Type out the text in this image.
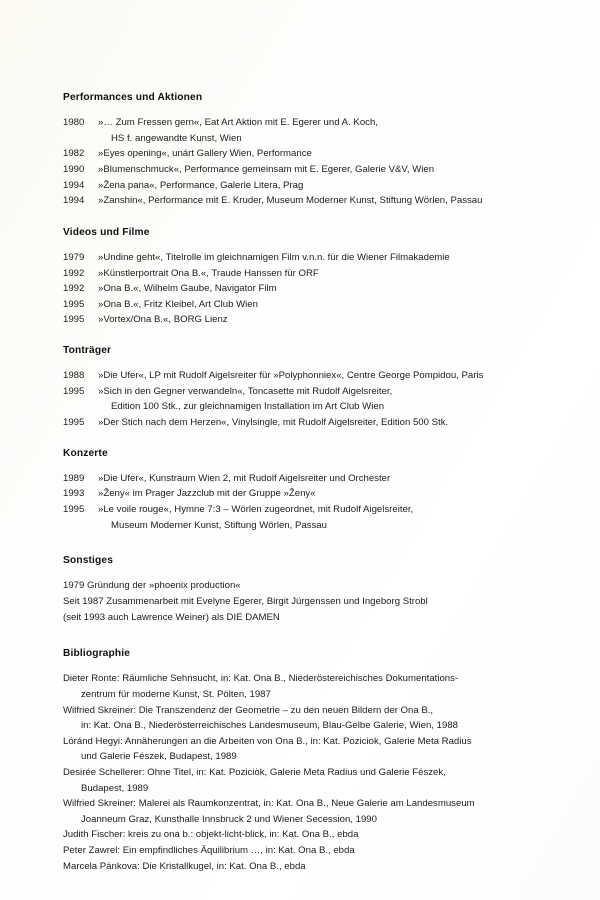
Performances und Aktionen
1980	»… Zum Fressen gern«, Eat Art Aktion mit E. Egerer und A. Koch,
HS f. angewandte Kunst, Wien
1982	»Eyes opening«, unárt Gallery Wien, Performance
1990	»Blumenschmuck«, Performance gemeinsam mit E. Egerer, Galerie V&V, Wien
1994	»Žena pana«, Performance, Galerie Litera, Prag
1994	»Zanshin«, Performance mit E. Kruder, Museum Moderner Kunst, Stiftung Wörlen, Passau
Videos und Filme
1979	»Undine geht«, Titelrolle im gleichnamigen Film v.n.n. für die Wiener Filmakademie
1992	»Künstlerportrait Ona B.«, Traude Hanssen für ORF
1992	»Ona B.«, Wilhelm Gaube, Navigator Film
1995	»Ona B.«, Fritz Kleibel, Art Club Wien
1995	»Vortex/Ona B.«, BORG Lienz
Tonträger
1988	»Die Ufer«, LP mit Rudolf Aigelsreiter für »Polyphonniex«, Centre George Pompidou, Paris
1995	»Sich in den Gegner verwandeln«, Toncasette mit Rudolf Aigelsreiter,
Edition 100 Stk., zur gleichnamigen Installation im Art Club Wien
1995	»Der Stich nach dem Herzen«, Vinylsingle, mit Rudolf Aigelsreiter, Edition 500 Stk.
Konzerte
1989	»Die Ufer«, Kunstraum Wien 2, mit Rudolf Aigelsreiter und Orchester
1993	»Ženy« im Prager Jazzclub mit der Gruppe »Ženy«
1995	»Le voile rouge«, Hymne 7:3 – Wörlen zugeordnet, mit Rudolf Aigelsreiter,
Museum Moderner Kunst, Stiftung Wörlen, Passau
Sonstiges
1979 Gründung der »phoenix production«
Seit 1987 Zusammenarbeit mit Evelyne Egerer, Birgit Jürgenssen und Ingeborg Strobl
(seit 1993 auch Lawrence Weiner) als DIE DAMEN
Bibliographie
Dieter Ronte: Räumliche Sehnsucht, in: Kat. Ona B., Niederöstereichisches Dokumentations-
zentrum für moderne Kunst, St. Pölten, 1987
Wilfried Skreiner: Die Transzendenz der Geometrie – zu den neuen Bildern der Ona B.,
in: Kat. Ona B., Niederösterreichisches Landesmuseum, Blau-Gelbe Galerie, Wien, 1988
Lóránd Hegyi: Annäherungen an die Arbeiten von Ona B., in: Kat. Poziciok, Galerie Meta Radius
und Galerie Fészek, Budapest, 1989
Desirée Schellerer: Ohne Titel, in: Kat. Poziciòk, Galerie Meta Radius und Galerie Fészek,
Budapest, 1989
Wilfried Skreiner: Malerei als Raumkonzentrat, in: Kat. Ona B., Neue Galerie am Landesmuseum
Joanneum Graz, Kunsthalle Innsbruck 2 und Wiener Secession, 1990
Judith Fischer: kreis zu ona b.: objekt-licht-blick, in: Kat. Ona B., ebda
Peter Zawrel: Ein empfindliches Äquilibrium …, in: Kat. Ona B., ebda
Marcela Pánkova: Die Kristallkugel, in: Kat. Ona B., ebda
